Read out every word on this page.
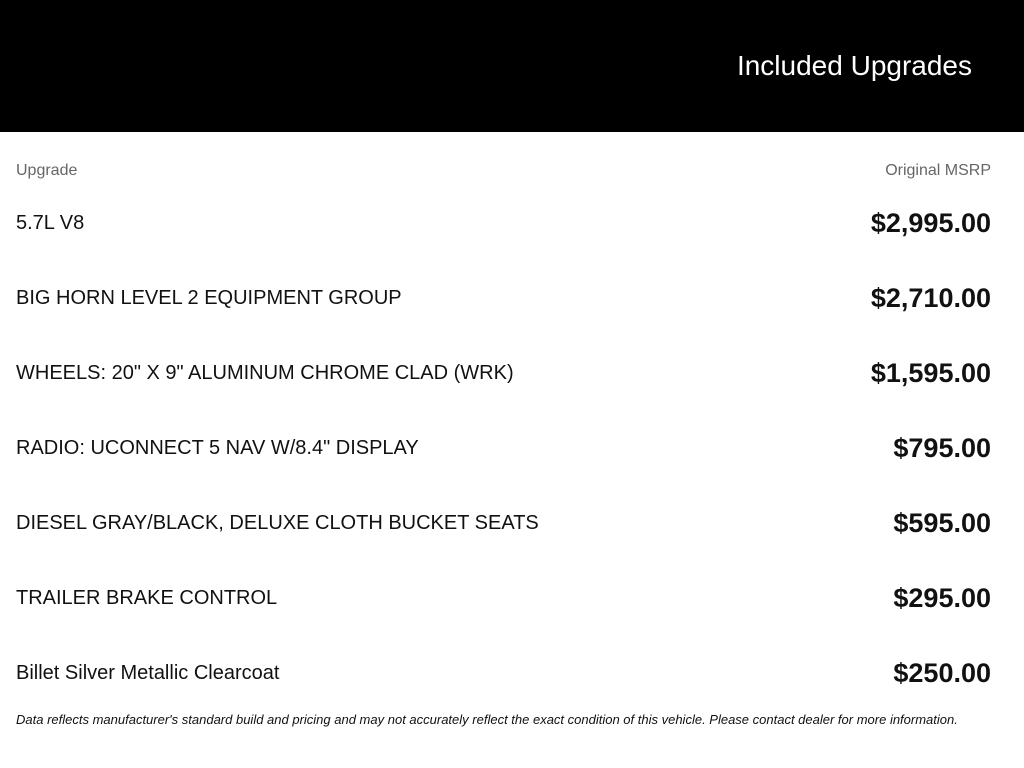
Included Upgrades
Upgrade	Original MSRP
5.7L V8	$2,995.00
BIG HORN LEVEL 2 EQUIPMENT GROUP	$2,710.00
WHEELS: 20" X 9" ALUMINUM CHROME CLAD (WRK)	$1,595.00
RADIO: UCONNECT 5 NAV W/8.4" DISPLAY	$795.00
DIESEL GRAY/BLACK, DELUXE CLOTH BUCKET SEATS	$595.00
TRAILER BRAKE CONTROL	$295.00
Billet Silver Metallic Clearcoat	$250.00

Data reflects manufacturer's standard build and pricing and may not accurately reflect the exact condition of this vehicle. Please contact dealer for more information.
